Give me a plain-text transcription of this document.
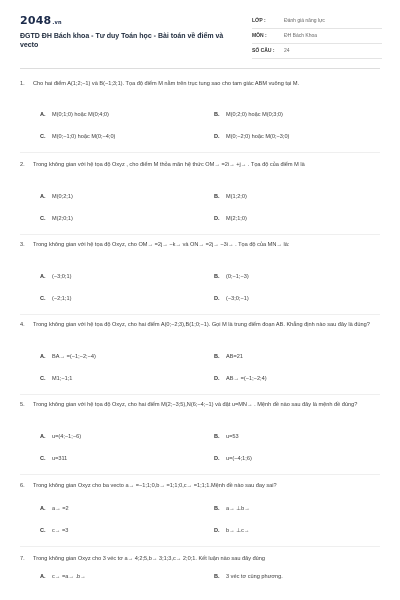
2048.vn
ĐGTD ĐH Bách khoa - Tư duy Toán học - Bài toán về điểm và vecto
LỚP :	Đánh giá năng lực
MÔN :	ĐH Bách Khoa
SỐ CÂU :	24
1.	Cho hai điểm A(1;2;−1) và B(−1;3;1). Tọa độ điểm M nằm trên trục tung sao cho tam giác ABM vuông tại M.
A.	M(0;1;0) hoặc M(0;4;0)	B.	M(0;2;0) hoặc M(0;3;0)
C.	M(0;−1;0) hoặc M(0;−4;0)	D.	M(0;−2;0) hoặc M(0;−3;0)
2.	Trong không gian với hệ tọa độ Oxyz , cho điểm M thỏa mãn hệ thức OM→ =2i→ +j→ . Tọa độ của điểm M là
A.	M(0;2;1)	B.	M(1;2;0)
C.	M(2;0;1)	D.	M(2;1;0)
3.	Trong không gian với hệ tọa độ Oxyz, cho OM→ =2j→ −k→ và ON→ =2j→ −3i→ . Tọa độ của MN→ là:
A.	(−3;0;1)	B.	(0;−1;−3)
C.	(−2;1;1)	D.	(−3;0;−1)
4.	Trong không gian với hệ tọa độ Oxyz, cho hai điểm A(0;−2;3),B(1;0;−1). Gọi M là trung điểm đoạn AB. Khẳng định nào sau đây là đúng?
A.	BA→ =(−1;−2;−4)	B.	AB=21
C.	M1;−1;1	D.	AB→ =(−1;−2;4)
5.	Trong không gian với hệ tọa độ Oxyz, cho hai điểm M(2;−3;5),N(6;−4;−1) và đặt u=MN→ . Mệnh đề nào sau đây là mệnh đề đúng?
A.	u=(4;−1;−6)	B.	u=53
C.	u=311	D.	u=(−4;1;6)
6.	Trong không gian Oxyz cho ba vecto a→ =−1;1;0,b→ =1;1;0,c→ =1;1;1.Mệnh đề nào sau đay sai?
A.	a→ =2	B.	a→ ⊥b→
C.	c→ =3	D.	b→ ⊥c→
7.	Trong không gian Oxyz cho 3 véc tơ a→ 4;2;5,b→ 3;1;3,c→ 2;0;1. Kết luận nào sau đây đúng
A.	c→ =a→ .b→	B.	3 véc tơ cùng phương.
